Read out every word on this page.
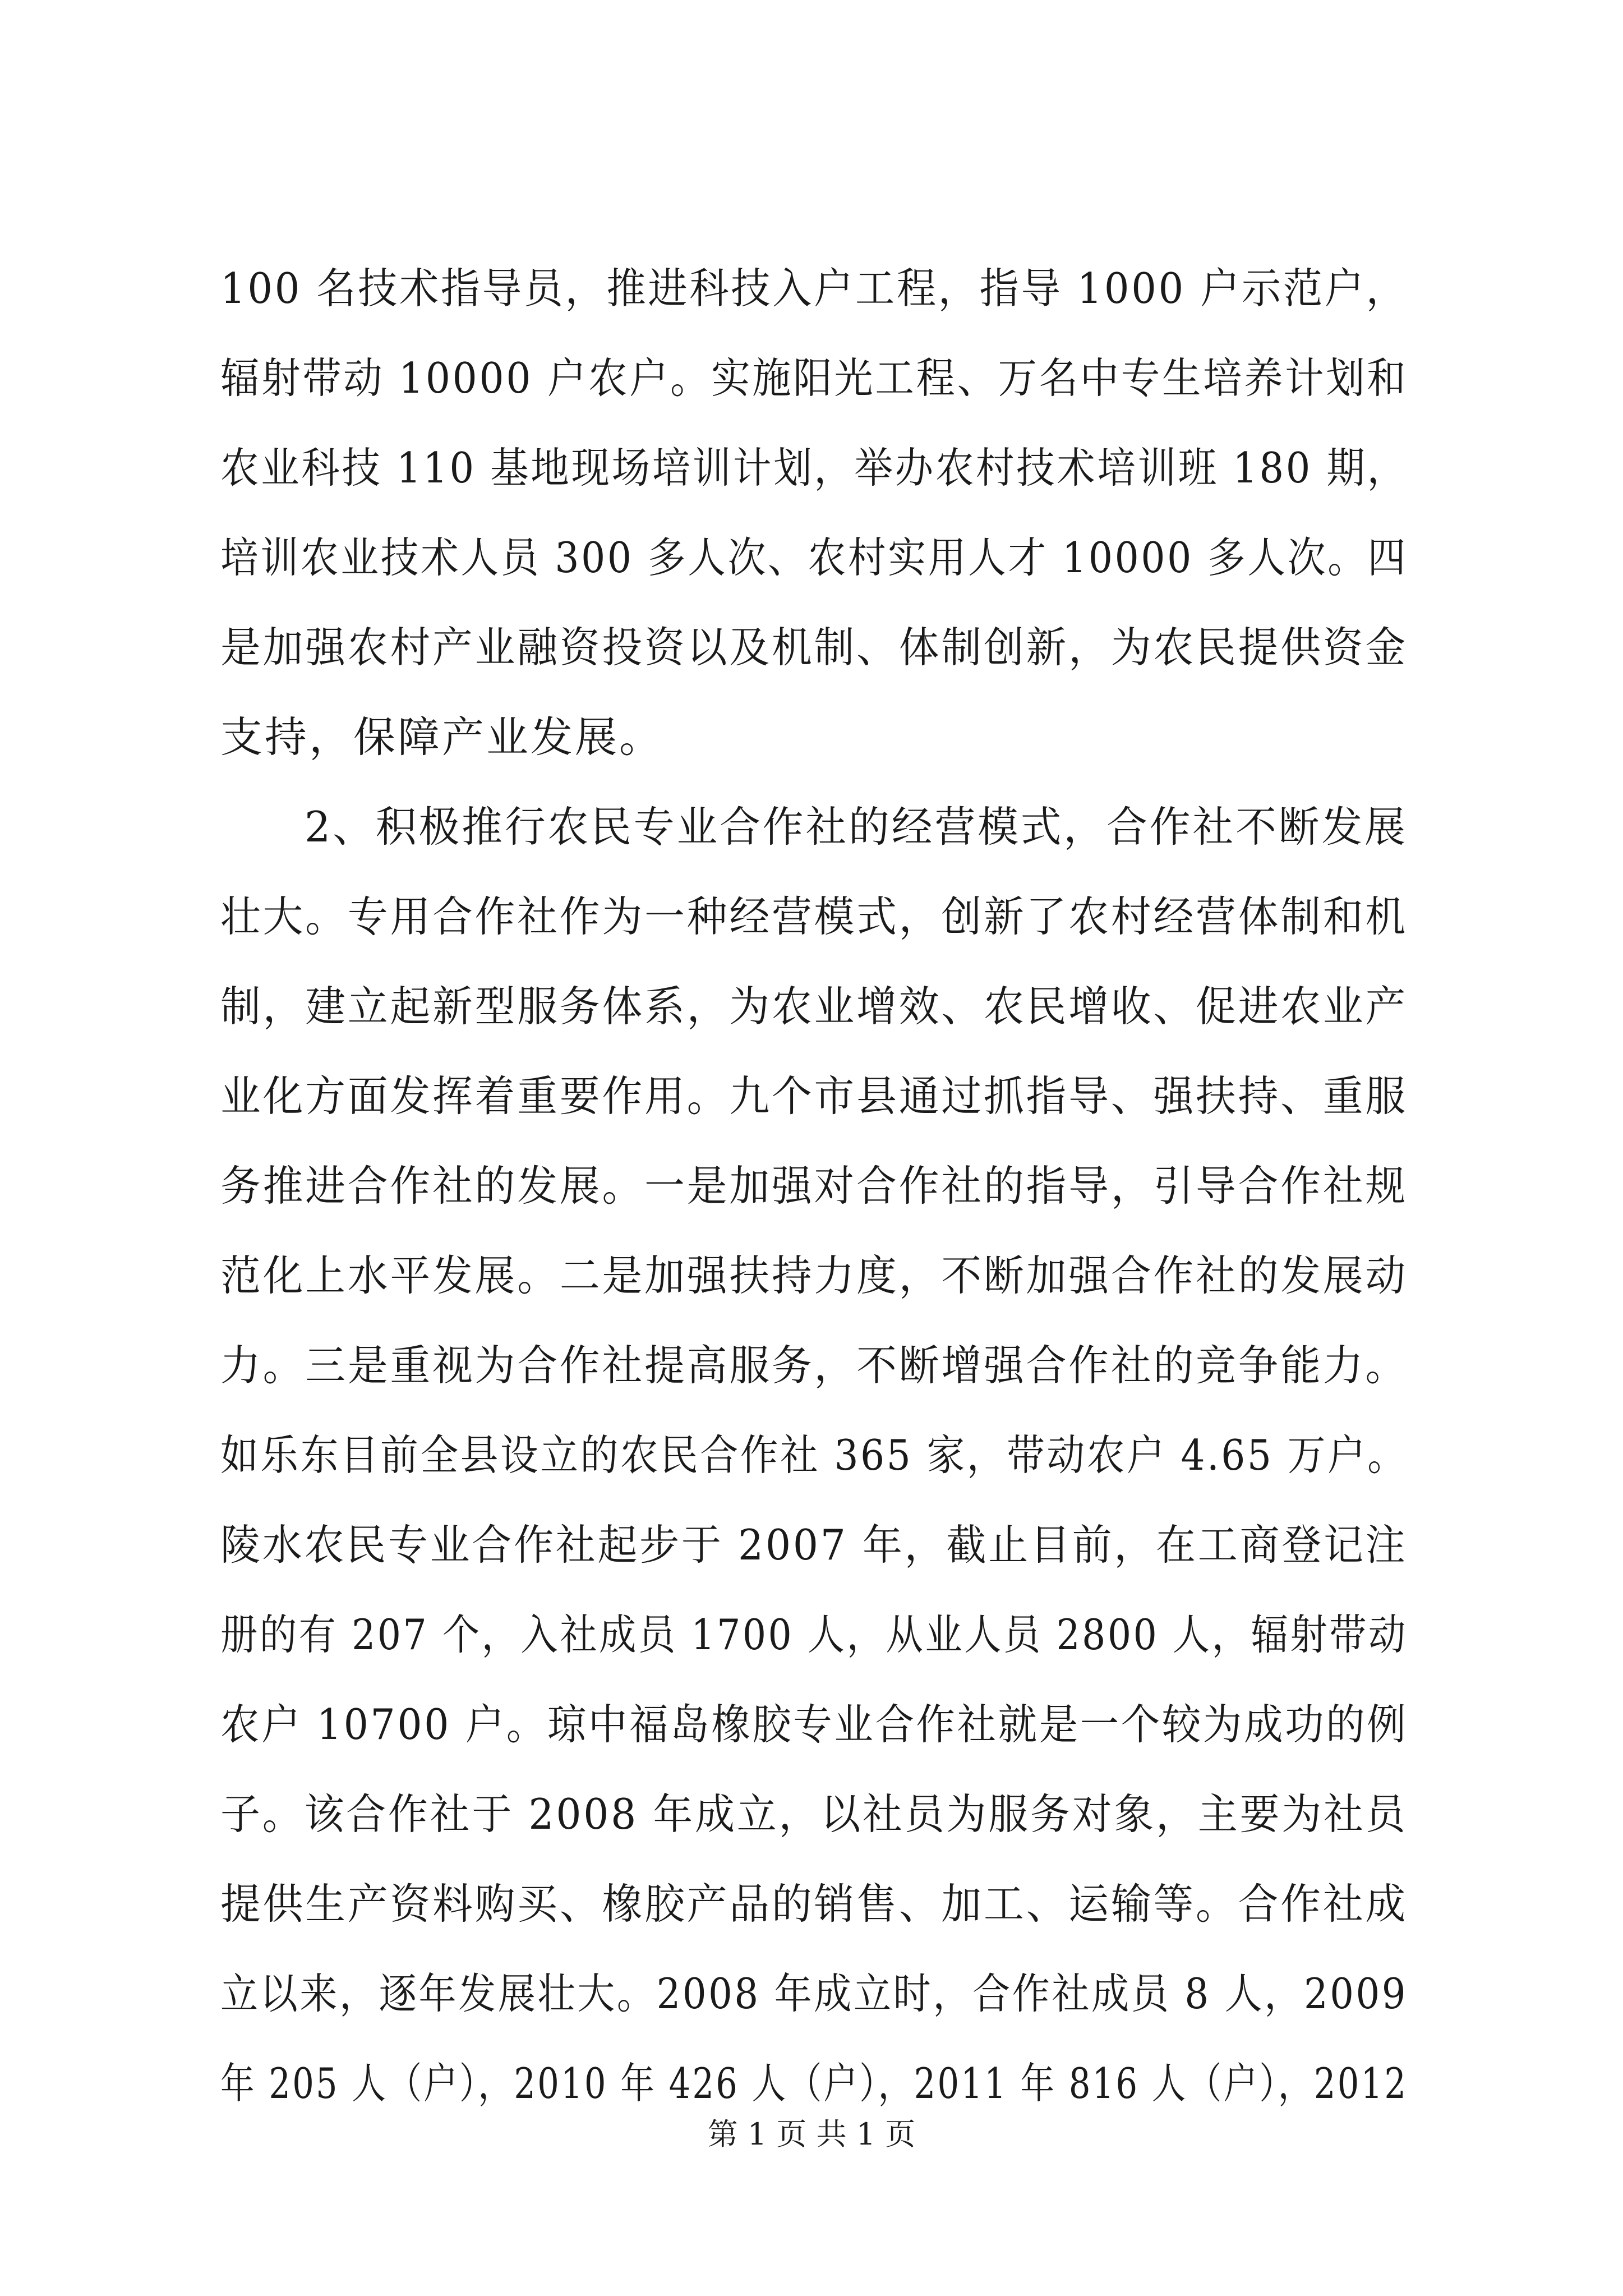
100 名技术指导员，推进科技入户工程，指导 1000 户示范户，
辐射带动 10000 户农户。实施阳光工程、万名中专生培养计划和
农业科技 110 基地现场培训计划，举办农村技术培训班 180 期，
培训农业技术人员 300 多人次、农村实用人才 10000 多人次。四
是加强农村产业融资投资以及机制、体制创新，为农民提供资金
支持，保障产业发展。
2、积极推行农民专业合作社的经营模式，合作社不断发展
壮大。专用合作社作为一种经营模式，创新了农村经营体制和机
制，建立起新型服务体系，为农业增效、农民增收、促进农业产
业化方面发挥着重要作用。九个市县通过抓指导、强扶持、重服
务推进合作社的发展。一是加强对合作社的指导，引导合作社规
范化上水平发展。二是加强扶持力度，不断加强合作社的发展动
力。三是重视为合作社提高服务，不断增强合作社的竞争能力。
如乐东目前全县设立的农民合作社 365 家，带动农户 4.65 万户。
陵水农民专业合作社起步于 2007 年，截止目前，在工商登记注
册的有 207 个，入社成员 1700 人，从业人员 2800 人，辐射带动
农户 10700 户。琼中福岛橡胶专业合作社就是一个较为成功的例
子。该合作社于 2008 年成立，以社员为服务对象，主要为社员
提供生产资料购买、橡胶产品的销售、加工、运输等。合作社成
立以来，逐年发展壮大。2008 年成立时，合作社成员 8 人，2009
年 205 人（户），2010 年 426 人（户），2011 年 816 人（户），2012
第 1 页 共 1 页
